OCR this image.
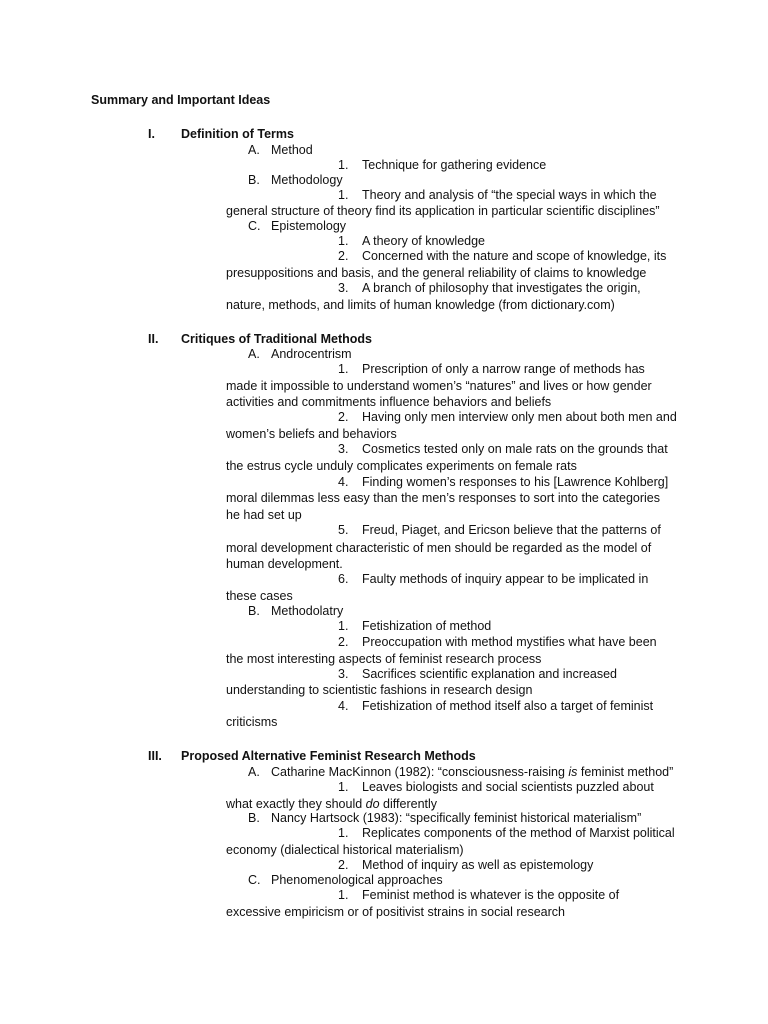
Summary and Important Ideas
I. Definition of Terms
A. Method
1. Technique for gathering evidence
B. Methodology
1. Theory and analysis of “the special ways in which the
general structure of theory find its application in particular scientific disciplines”
C. Epistemology
1. A theory of knowledge
2. Concerned with the nature and scope of knowledge, its
presuppositions and basis, and the general reliability of claims to knowledge
3. A branch of philosophy that investigates the origin,
nature, methods, and limits of human knowledge (from dictionary.com)
II. Critiques of Traditional Methods
A. Androcentrism
1. Prescription of only a narrow range of methods has
made it impossible to understand women’s “natures” and lives or how gender
activities and commitments influence behaviors and beliefs
2. Having only men interview only men about both men and
women’s beliefs and behaviors
3. Cosmetics tested only on male rats on the grounds that
the estrus cycle unduly complicates experiments on female rats
4. Finding women’s responses to his [Lawrence Kohlberg]
moral dilemmas less easy than the men’s responses to sort into the categories
he had set up
5. Freud, Piaget, and Ericson believe that the patterns of
moral development characteristic of men should be regarded as the model of
human development.
6. Faulty methods of inquiry appear to be implicated in
these cases
B. Methodolatry
1. Fetishization of method
2. Preoccupation with method mystifies what have been
the most interesting aspects of feminist research process
3. Sacrifices scientific explanation and increased
understanding to scientistic fashions in research design
4. Fetishization of method itself also a target of feminist
criticisms
III. Proposed Alternative Feminist Research Methods
A. Catharine MacKinnon (1982): “consciousness-raising is feminist method”
1. Leaves biologists and social scientists puzzled about
what exactly they should do differently
B. Nancy Hartsock (1983): “specifically feminist historical materialism”
1. Replicates components of the method of Marxist political
economy (dialectical historical materialism)
2. Method of inquiry as well as epistemology
C. Phenomenological approaches
1. Feminist method is whatever is the opposite of
excessive empiricism or of positivist strains in social research
